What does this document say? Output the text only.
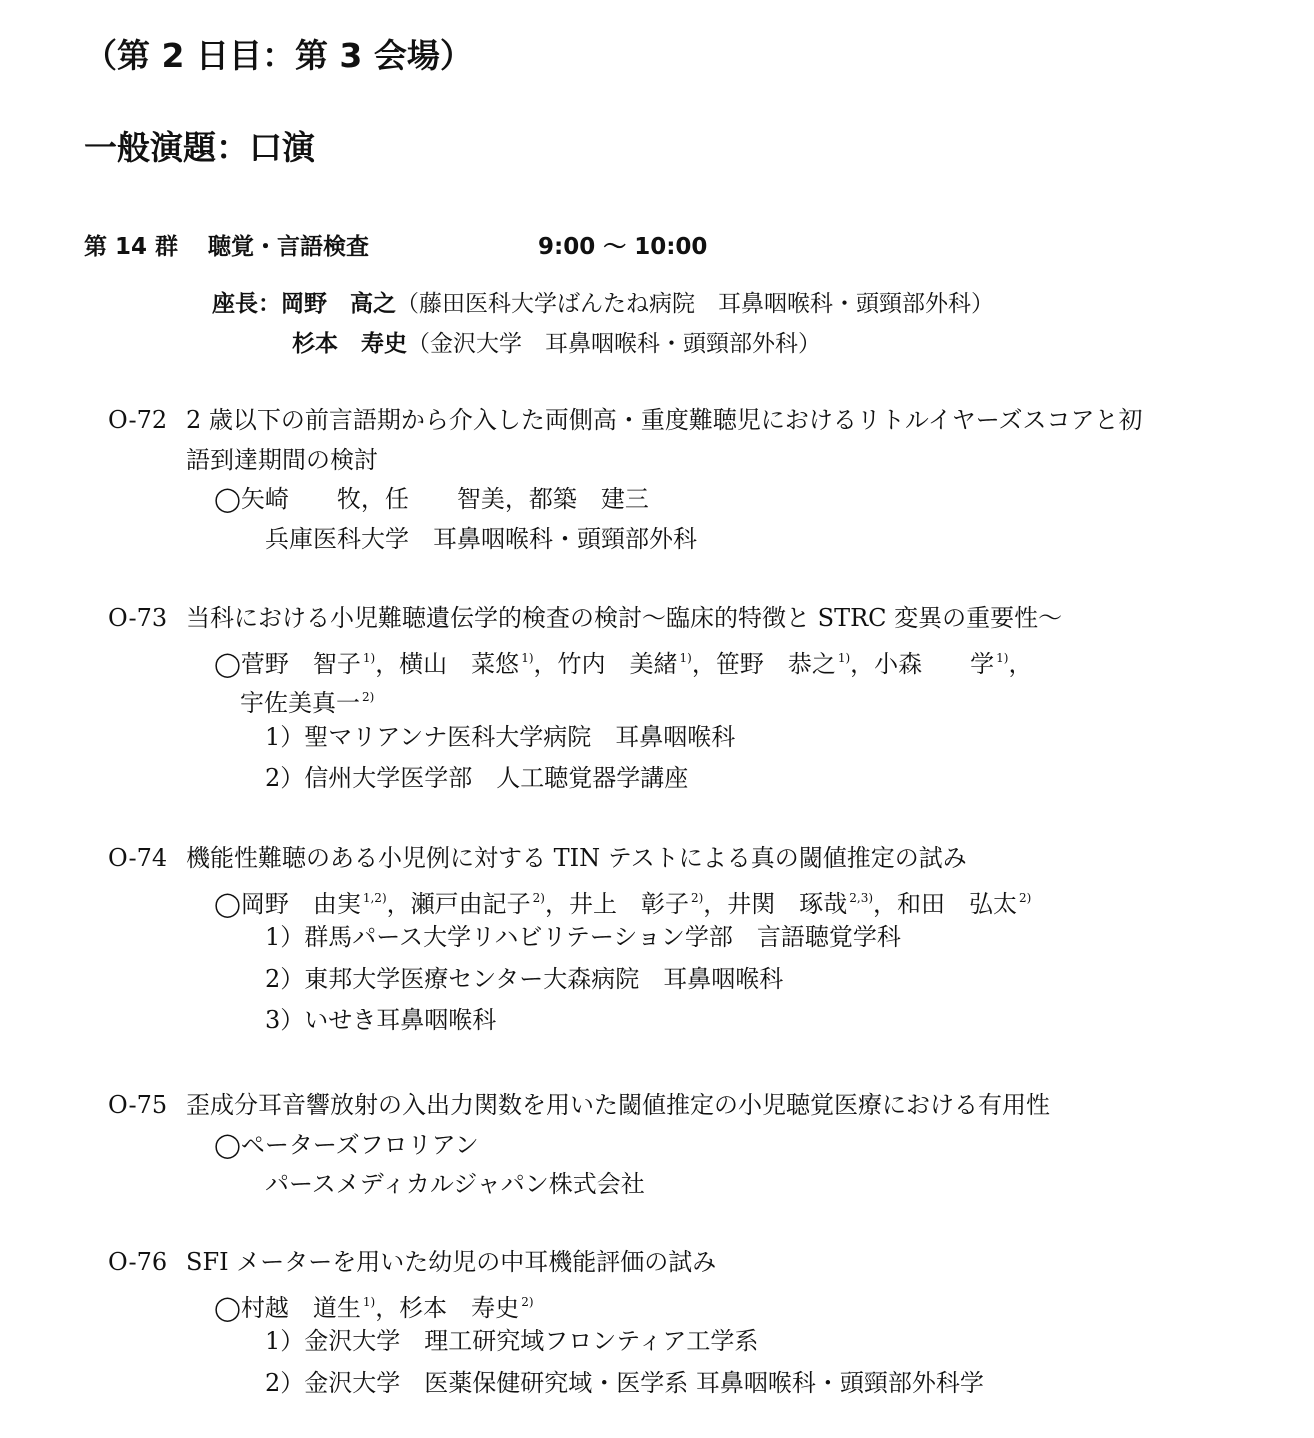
（第 2 日目：第 3 会場）
一般演題：口演
第 14 群 聴覚・言語検査	9:00 ～ 10:00
座長：岡野　高之（藤田医科大学ばんたね病院　耳鼻咽喉科・頭頸部外科）
杉本　寿史（金沢大学　耳鼻咽喉科・頭頸部外科）
O-72 2 歳以下の前言語期から介入した両側高・重度難聴児におけるリトルイヤーズスコアと初
語到達期間の検討
◯矢崎　　牧，任　　智美，都築　建三
兵庫医科大学　耳鼻咽喉科・頭頸部外科
O-73 当科における小児難聴遺伝学的検査の検討～臨床的特徴と STRC 変異の重要性～
◯菅野　智子 $^{1)}$，横山　菜悠 $^{1)}$，竹内　美緒 $^{1)}$，笹野　恭之 $^{1)}$，小森　　学 $^{1)}$，
宇佐美真一 $^{2)}$
1）聖マリアンナ医科大学病院　耳鼻咽喉科
2）信州大学医学部　人工聴覚器学講座
O-74 機能性難聴のある小児例に対する TIN テストによる真の閾値推定の試み
◯岡野　由実 $^{1,2)}$，瀬戸由記子 $^{2)}$，井上　彰子 $^{2)}$，井関　琢哉 $^{2,3)}$，和田　弘太 $^{2)}$
1）群馬パース大学リハビリテーション学部　言語聴覚学科
2）東邦大学医療センター大森病院　耳鼻咽喉科
3）いせき耳鼻咽喉科
O-75 歪成分耳音響放射の入出力関数を用いた閾値推定の小児聴覚医療における有用性
◯ペーターズフロリアン
パースメディカルジャパン株式会社
O-76 SFI メーターを用いた幼児の中耳機能評価の試み
◯村越　道生 $^{1)}$，杉本　寿史 $^{2)}$
1）金沢大学　理工研究域フロンティア工学系
2）金沢大学　医薬保健研究域・医学系 耳鼻咽喉科・頭頸部外科学
